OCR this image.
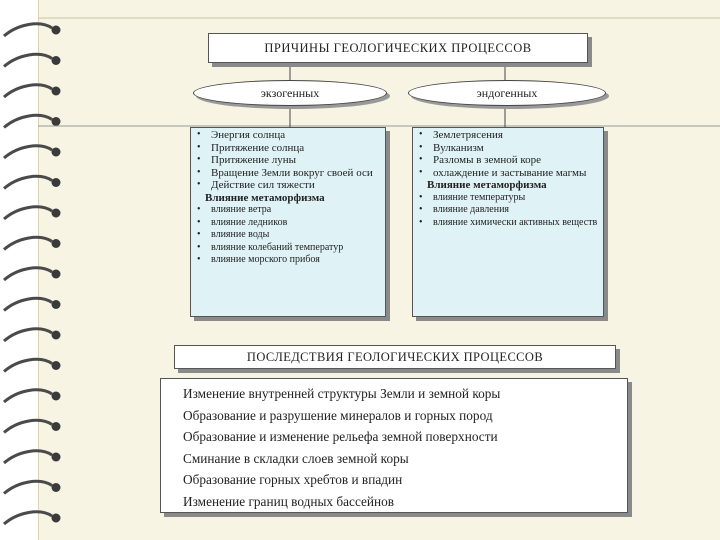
ПРИЧИНЫ ГЕОЛОГИЧЕСКИХ ПРОЦЕССОВ
экзогенных	эндогенных
• Энергия солнца
• Притяжение солнца
• Притяжение луны
• Вращение Земли вокруг своей оси
• Действие сил тяжести
Влияние метаморфизма
• влияние ветра
• влияние ледников
• влияние воды
• влияние колебаний температур
• влияние морского прибоя
• Землетрясения
• Вулканизм
• Разломы в земной коре
• охлаждение и застывание магмы
Влияние метаморфизма
• влияние температуры
• влияние давления
• влияние химически активных веществ
ПОСЛЕДСТВИЯ ГЕОЛОГИЧЕСКИХ ПРОЦЕССОВ
Изменение внутренней структуры Земли и земной коры
Образование и разрушение минералов и горных пород
Образование и изменение рельефа земной поверхности
Сминание в складки слоев земной коры
Образование горных хребтов и впадин
Изменение границ водных бассейнов
